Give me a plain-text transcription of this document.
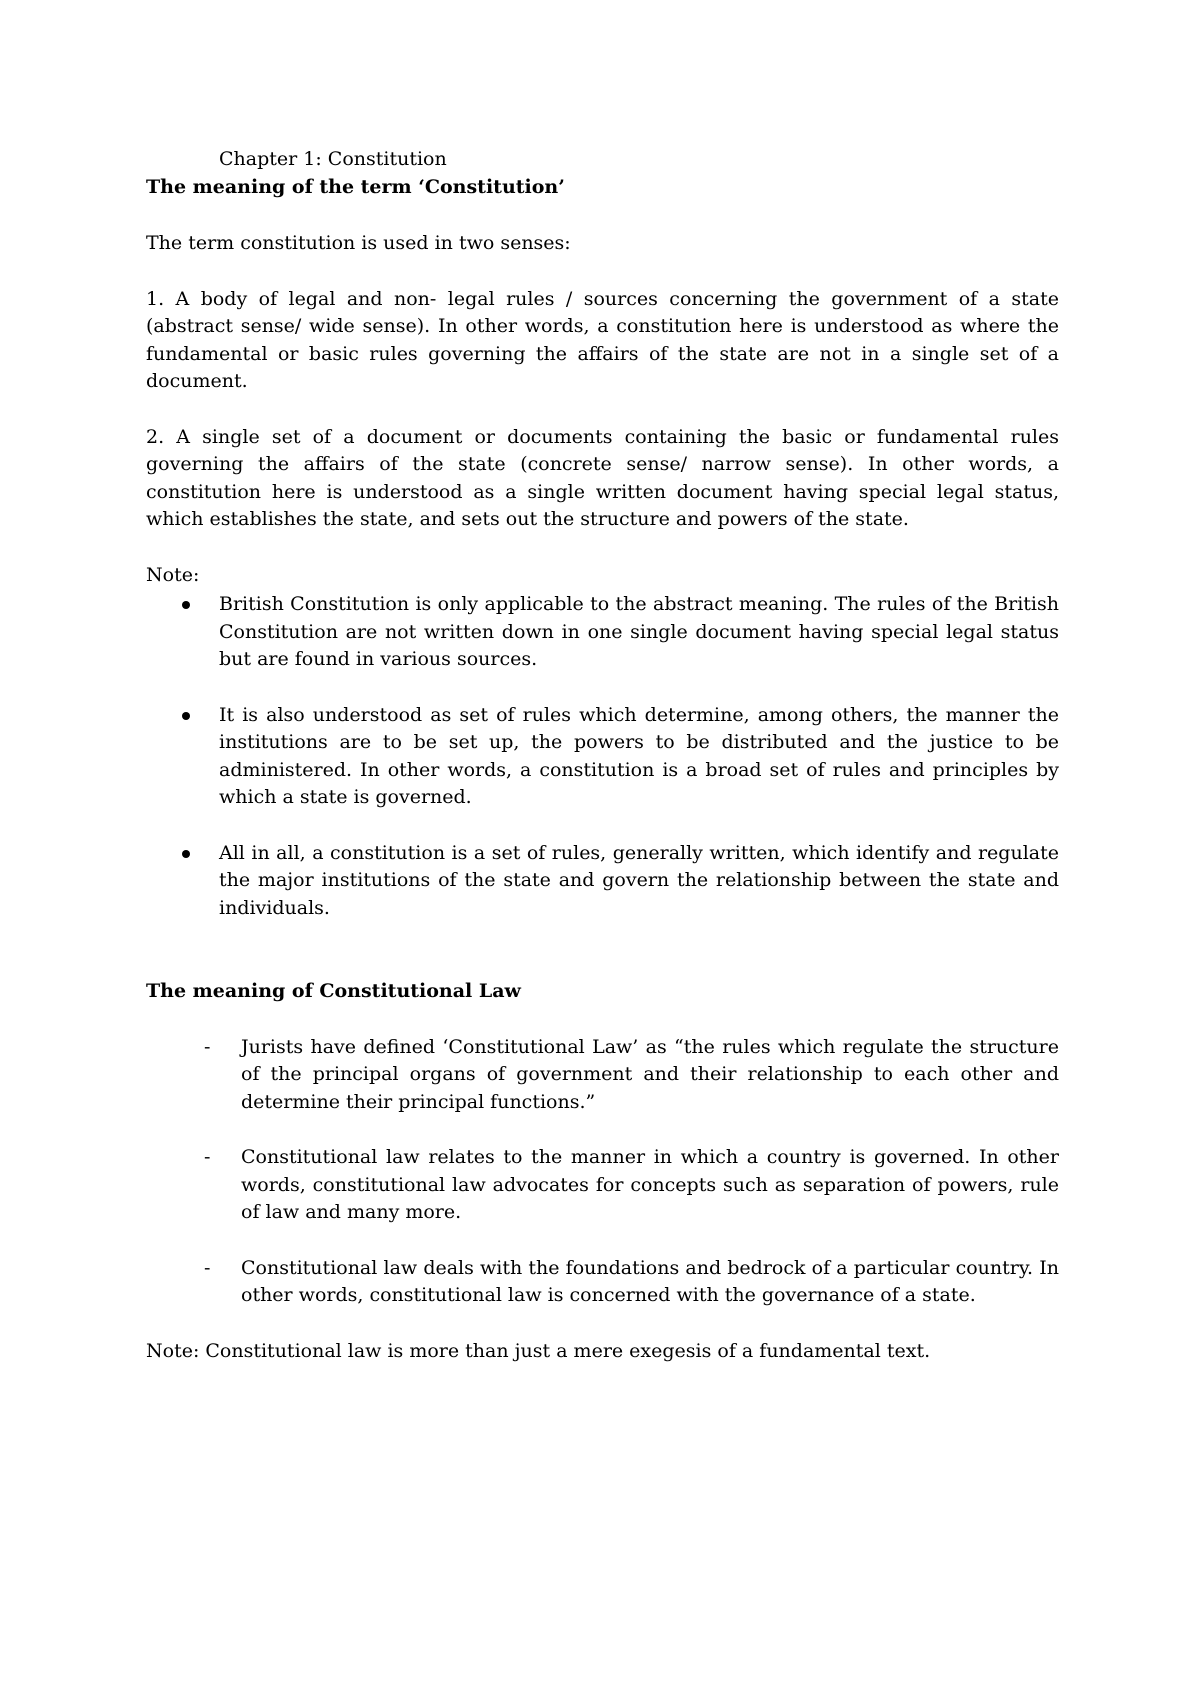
Chapter 1: Constitution

The meaning of the term ‘Constitution’

The term constitution is used in two senses:

1. A body of legal and non- legal rules / sources concerning the government of a state (abstract sense/ wide sense). In other words, a constitution here is understood as where the fundamental or basic rules governing the affairs of the state are not in a single set of a document.

2. A single set of a document or documents containing the basic or fundamental rules governing the affairs of the state (concrete sense/ narrow sense). In other words, a constitution here is understood as a single written document having special legal status, which establishes the state, and sets out the structure and powers of the state.

Note:

British Constitution is only applicable to the abstract meaning. The rules of the British Constitution are not written down in one single document having special legal status but are found in various sources.
It is also understood as set of rules which determine, among others, the manner the institutions are to be set up, the powers to be distributed and the justice to be administered. In other words, a constitution is a broad set of rules and principles by which a state is governed.
All in all, a constitution is a set of rules, generally written, which identify and regulate the major institutions of the state and govern the relationship between the state and individuals.

The meaning of Constitutional Law

- Jurists have defined ‘Constitutional Law’ as “the rules which regulate the structure of the principal organs of government and their relationship to each other and determine their principal functions.”
- Constitutional law relates to the manner in which a country is governed. In other words, constitutional law advocates for concepts such as separation of powers, rule of law and many more.
- Constitutional law deals with the foundations and bedrock of a particular country. In other words, constitutional law is concerned with the governance of a state.

Note: Constitutional law is more than just a mere exegesis of a fundamental text.
